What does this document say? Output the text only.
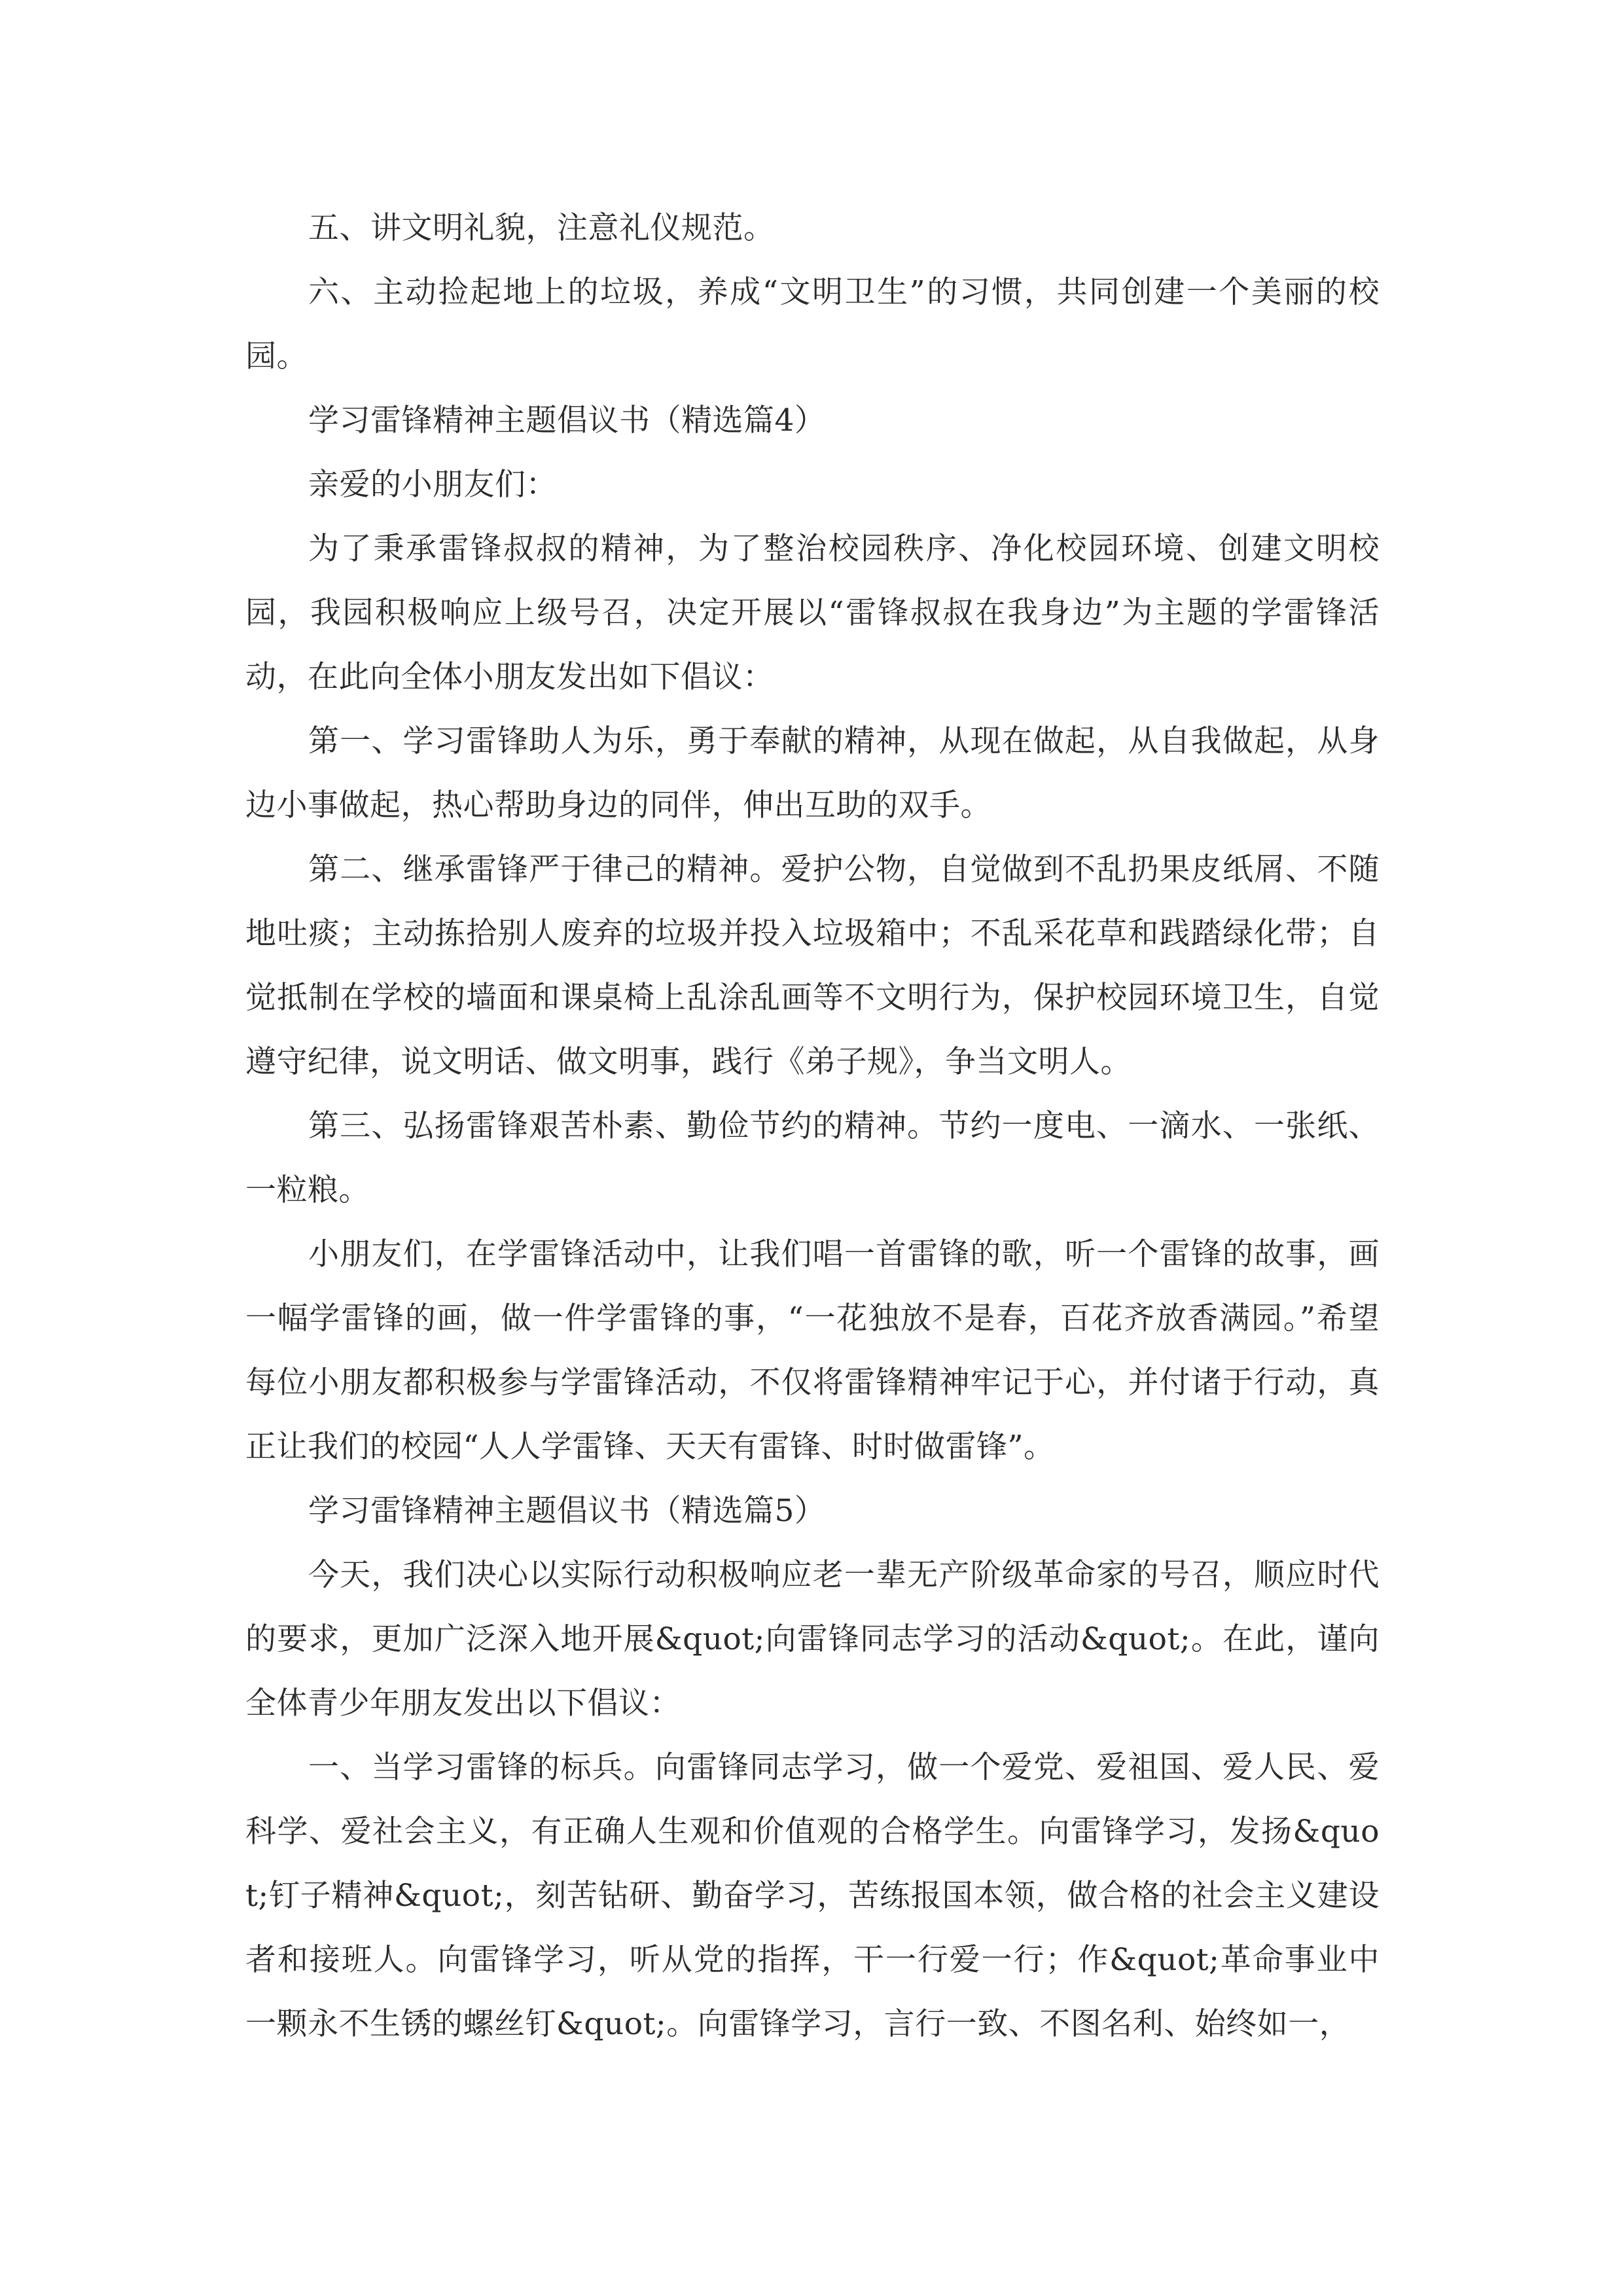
五、讲文明礼貌，注意礼仪规范。

六、主动捡起地上的垃圾，养成“文明卫生”的习惯，共同创建一个美丽的校园。

学习雷锋精神主题倡议书（精选篇4）

亲爱的小朋友们：

为了秉承雷锋叔叔的精神，为了整治校园秩序、净化校园环境、创建文明校园，我园积极响应上级号召，决定开展以“雷锋叔叔在我身边”为主题的学雷锋活动，在此向全体小朋友发出如下倡议：

第一、学习雷锋助人为乐，勇于奉献的精神，从现在做起，从自我做起，从身边小事做起，热心帮助身边的同伴，伸出互助的双手。

第二、继承雷锋严于律己的精神。爱护公物，自觉做到不乱扔果皮纸屑、不随地吐痰；主动拣拾别人废弃的垃圾并投入垃圾箱中；不乱采花草和践踏绿化带；自觉抵制在学校的墙面和课桌椅上乱涂乱画等不文明行为，保护校园环境卫生，自觉遵守纪律，说文明话、做文明事，践行《弟子规》，争当文明人。

第三、弘扬雷锋艰苦朴素、勤俭节约的精神。节约一度电、一滴水、一张纸、一粒粮。

小朋友们，在学雷锋活动中，让我们唱一首雷锋的歌，听一个雷锋的故事，画一幅学雷锋的画，做一件学雷锋的事，“一花独放不是春，百花齐放香满园。”希望每位小朋友都积极参与学雷锋活动，不仅将雷锋精神牢记于心，并付诸于行动，真正让我们的校园“人人学雷锋、天天有雷锋、时时做雷锋”。

学习雷锋精神主题倡议书（精选篇5）

今天，我们决心以实际行动积极响应老一辈无产阶级革命家的号召，顺应时代的要求，更加广泛深入地开展&quot;向雷锋同志学习的活动&quot;。在此，谨向全体青少年朋友发出以下倡议：

一、当学习雷锋的标兵。向雷锋同志学习，做一个爱党、爱祖国、爱人民、爱科学、爱社会主义，有正确人生观和价值观的合格学生。向雷锋学习，发扬&quot;钉子精神&quot;，刻苦钻研、勤奋学习，苦练报国本领，做合格的社会主义建设者和接班人。向雷锋学习，听从党的指挥，干一行爱一行；作&quot;革命事业中一颗永不生锈的螺丝钉&quot;。向雷锋学习，言行一致、不图名利、始终如一，
